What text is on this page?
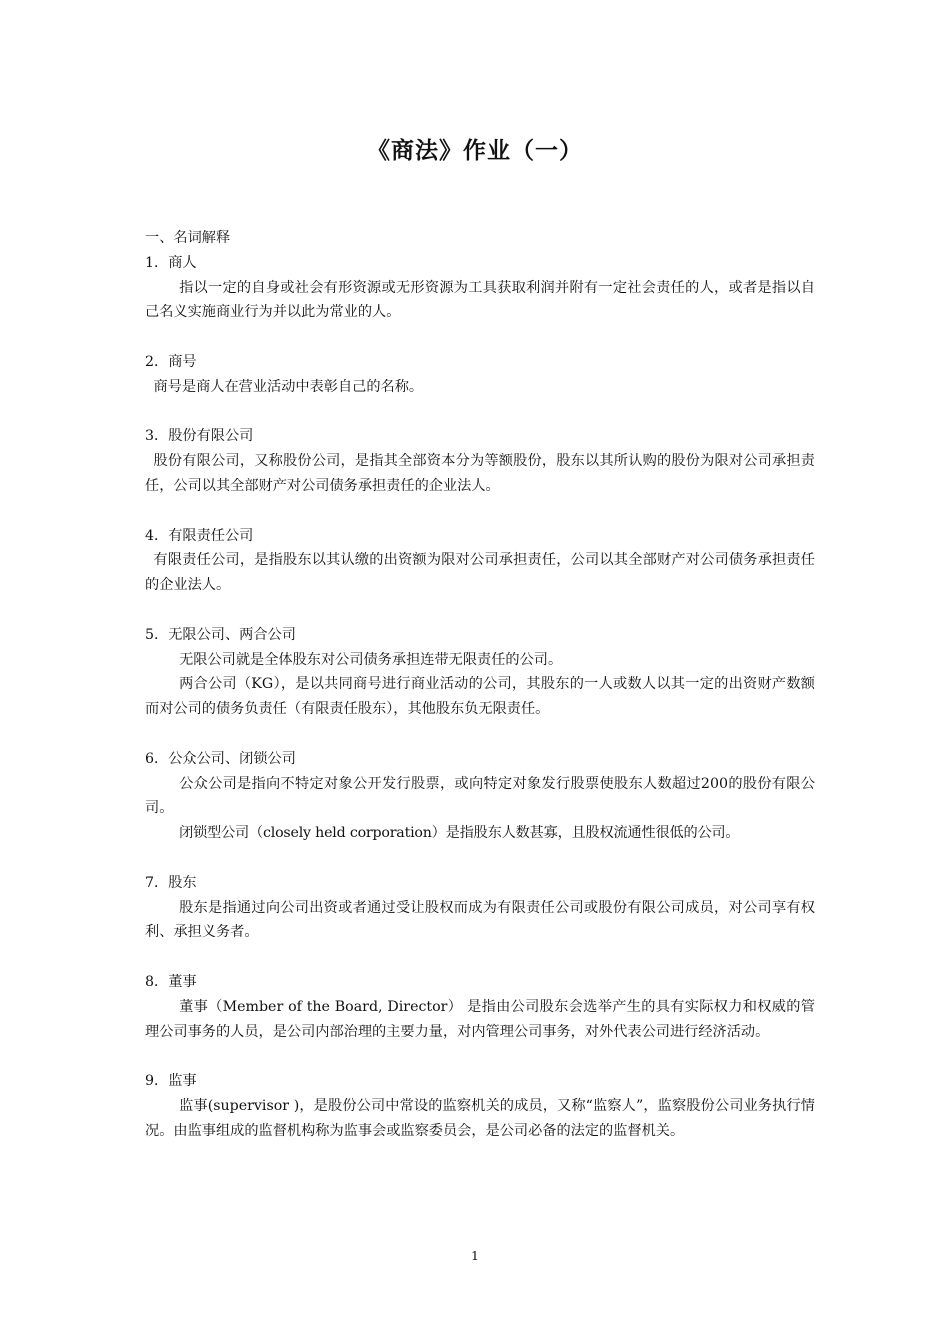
《商法》作业（一）

一、名词解释

1．商人

指以一定的自身或社会有形资源或无形资源为工具获取利润并附有一定社会责任的人，或者是指以自己名义实施商业行为并以此为常业的人。

2．商号

商号是商人在营业活动中表彰自己的名称。

3．股份有限公司

股份有限公司，又称股份公司，是指其全部资本分为等额股份，股东以其所认购的股份为限对公司承担责任，公司以其全部财产对公司债务承担责任的企业法人。

4．有限责任公司

有限责任公司，是指股东以其认缴的出资额为限对公司承担责任，公司以其全部财产对公司债务承担责任的企业法人。

5．无限公司、两合公司

无限公司就是全体股东对公司债务承担连带无限责任的公司。

两合公司（KG），是以共同商号进行商业活动的公司，其股东的一人或数人以其一定的出资财产数额而对公司的债务负责任（有限责任股东），其他股东负无限责任。

6．公众公司、闭锁公司

公众公司是指向不特定对象公开发行股票，或向特定对象发行股票使股东人数超过200的股份有限公司。

闭锁型公司（closely held corporation）是指股东人数甚寡，且股权流通性很低的公司。

7．股东

股东是指通过向公司出资或者通过受让股权而成为有限责任公司或股份有限公司成员，对公司享有权利、承担义务者。

8．董事

董事（Member of the Board, Director） 是指由公司股东会选举产生的具有实际权力和权威的管理公司事务的人员，是公司内部治理的主要力量，对内管理公司事务，对外代表公司进行经济活动。

9．监事

监事(supervisor )，是股份公司中常设的监察机关的成员，又称“监察人”，监察股份公司业务执行情况。由监事组成的监督机构称为监事会或监察委员会，是公司必备的法定的监督机关。

1
